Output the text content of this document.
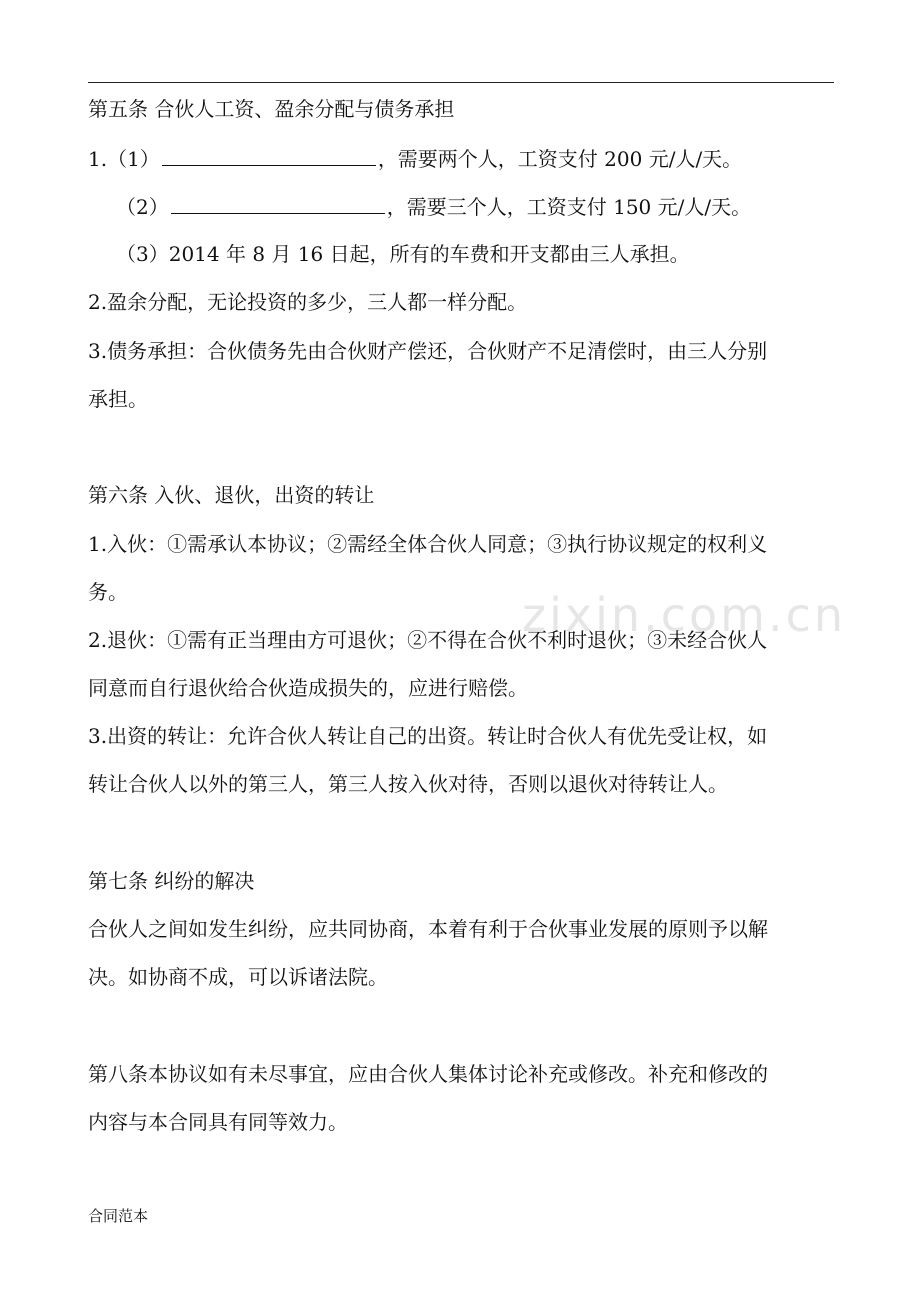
zixin.com.cn
第五条 合伙人工资、盈余分配与债务承担
1.（1）	，需要两个人，工资支付 200 元/人/天。
（2）	，需要三个人，工资支付 150 元/人/天。
（3）2014 年 8 月 16 日起，所有的车费和开支都由三人承担。
2.盈余分配，无论投资的多少，三人都一样分配。
3.债务承担：合伙债务先由合伙财产偿还，合伙财产不足清偿时，由三人分别
承担。
第六条 入伙、退伙，出资的转让
1.入伙：①需承认本协议；②需经全体合伙人同意；③执行协议规定的权利义
务。
2.退伙：①需有正当理由方可退伙；②不得在合伙不利时退伙；③未经合伙人
同意而自行退伙给合伙造成损失的，应进行赔偿。
3.出资的转让：允许合伙人转让自己的出资。转让时合伙人有优先受让权，如
转让合伙人以外的第三人，第三人按入伙对待，否则以退伙对待转让人。
第七条 纠纷的解决
合伙人之间如发生纠纷，应共同协商，本着有利于合伙事业发展的原则予以解
决。如协商不成，可以诉诸法院。
第八条本协议如有未尽事宜，应由合伙人集体讨论补充或修改。补充和修改的
内容与本合同具有同等效力。
合同范本
